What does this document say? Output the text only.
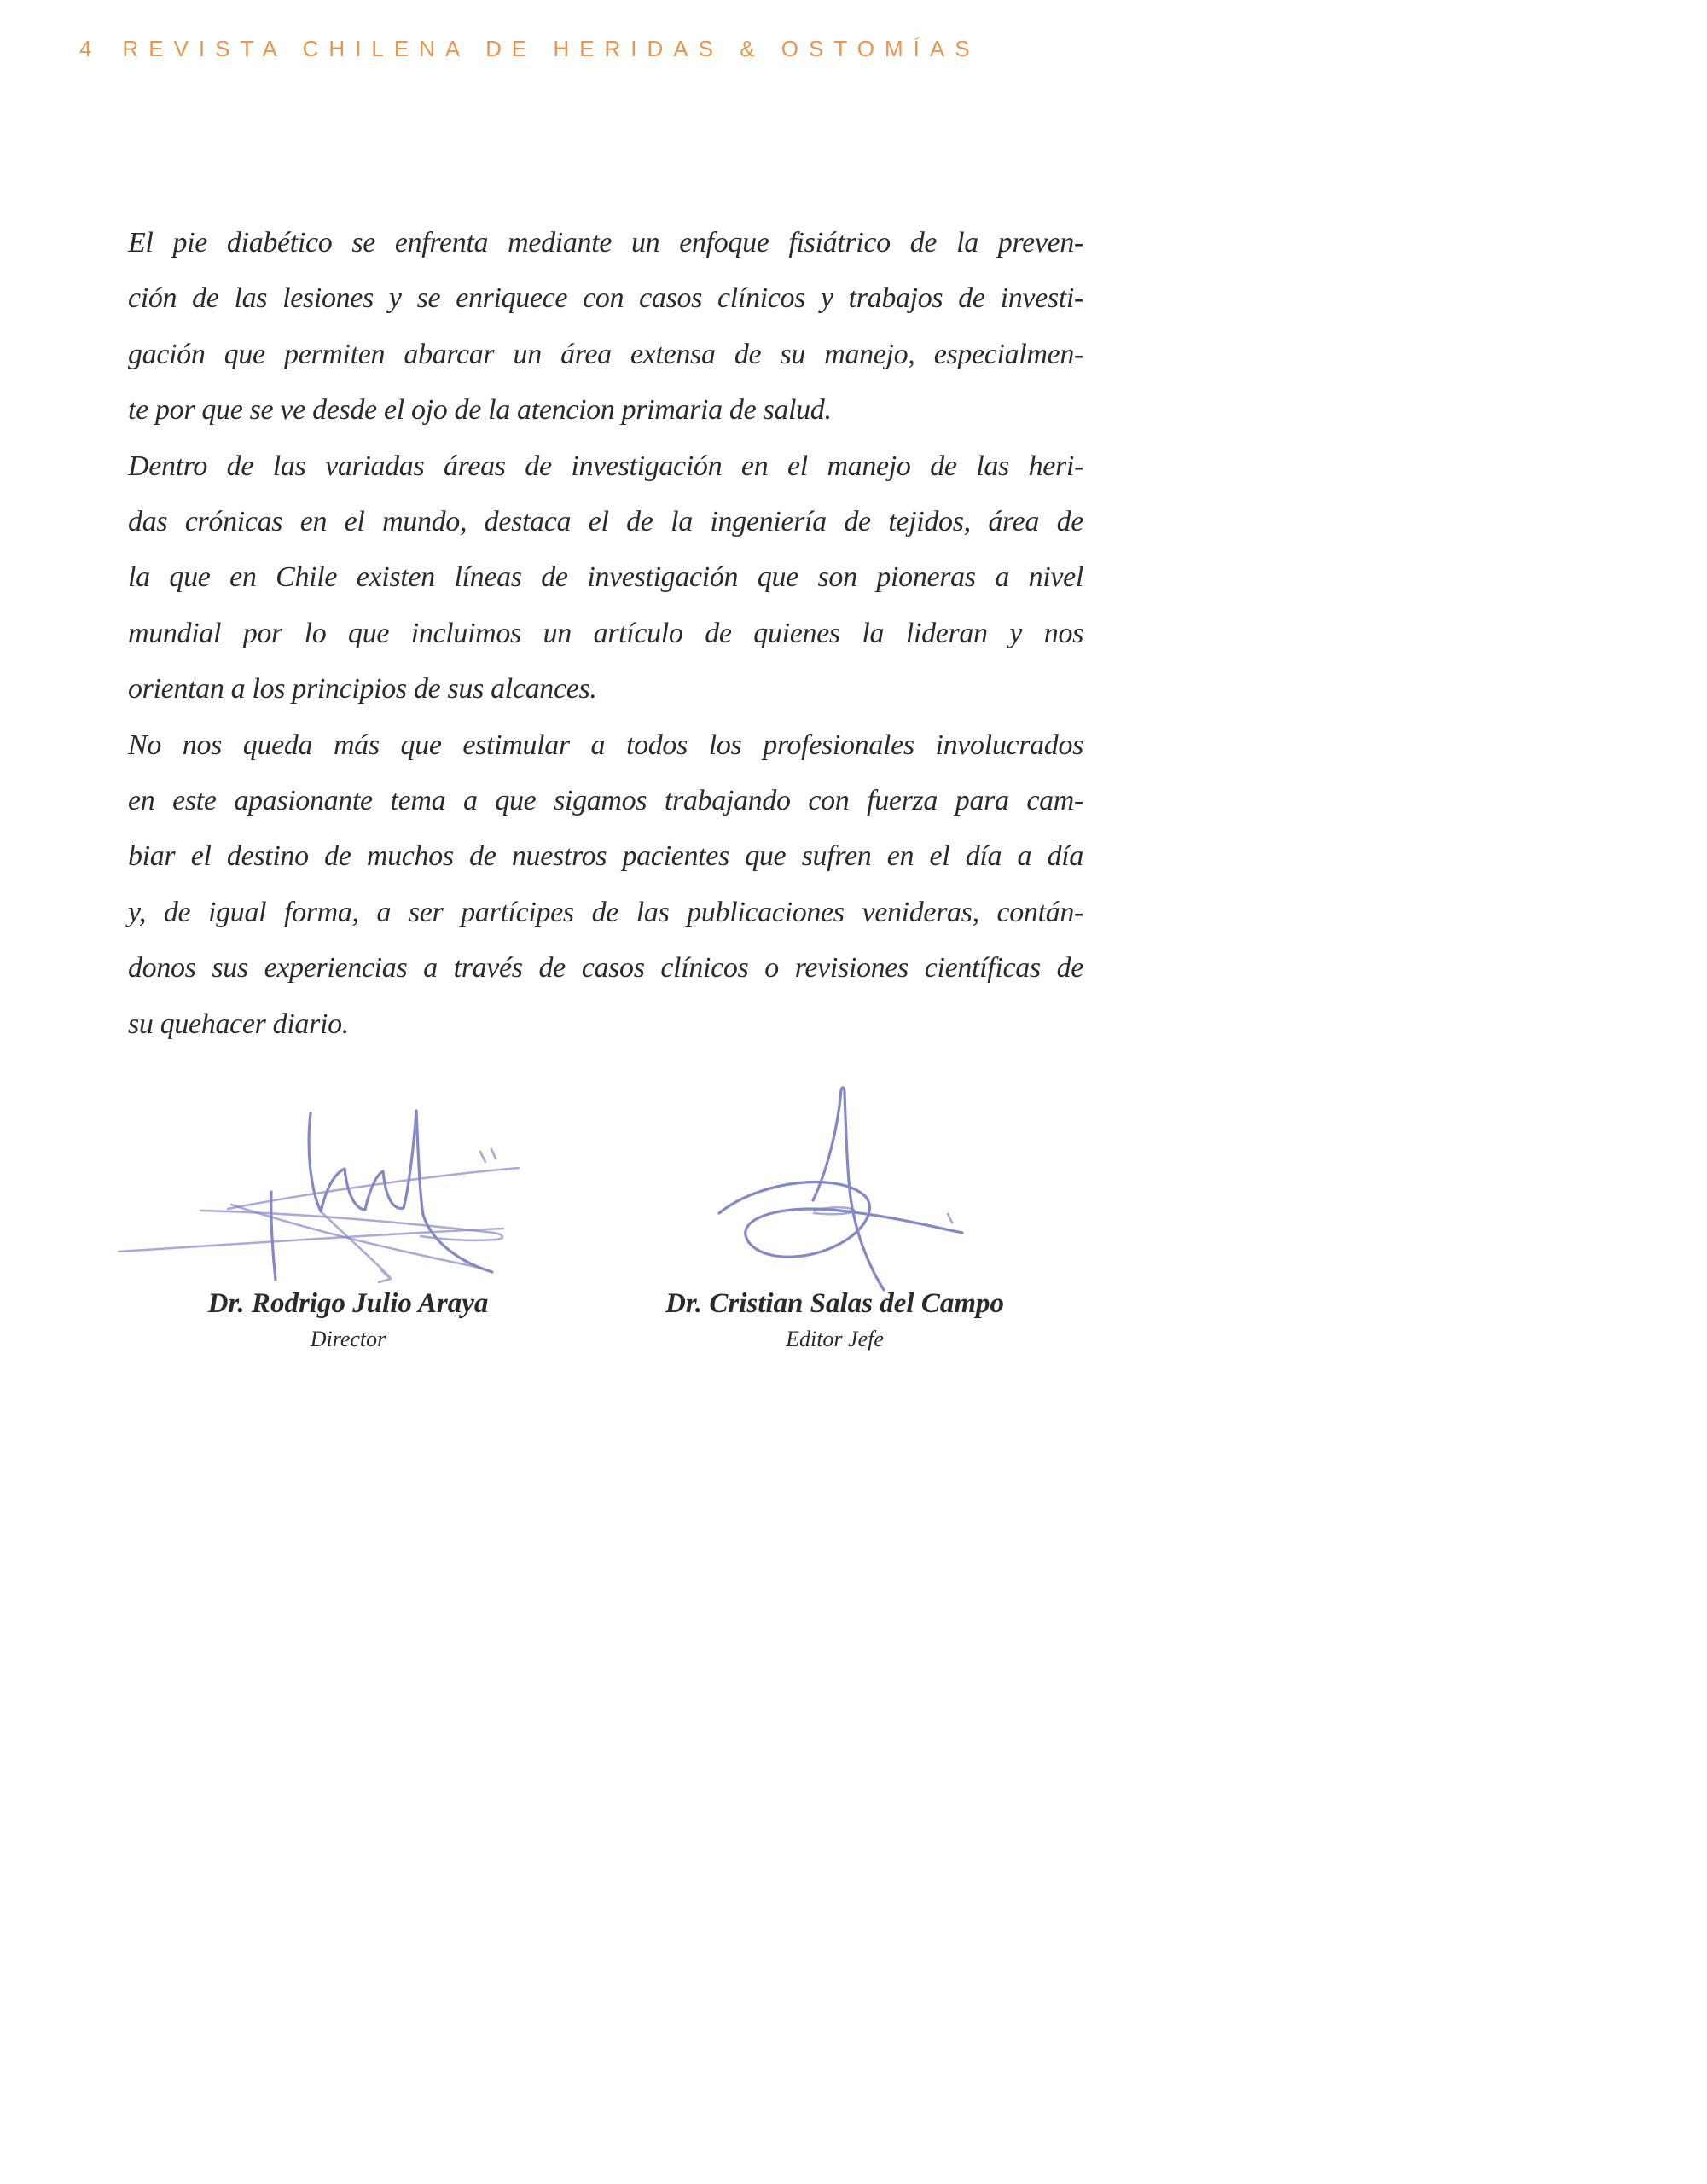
4 REVISTA CHILENA DE HERIDAS & OSTOMÍAS
El pie diabético se enfrenta mediante un enfoque fisiátrico de la preven-
ción de las lesiones y se enriquece con casos clínicos y trabajos de investi-
gación que permiten abarcar un área extensa de su manejo, especialmen-
te por que se ve desde el ojo de la atencion primaria de salud.
Dentro de las variadas áreas de investigación en el manejo de las heri-
das crónicas en el mundo, destaca el de la ingeniería de tejidos, área de
la que en Chile existen líneas de investigación que son pioneras a nivel
mundial por lo que incluimos un artículo de quienes la lideran y nos
orientan a los principios de sus alcances.
No nos queda más que estimular a todos los profesionales involucrados
en este apasionante tema a que sigamos trabajando con fuerza para cam-
biar el destino de muchos de nuestros pacientes que sufren en el día a día
y, de igual forma, a ser partícipes de las publicaciones venideras, contán-
donos sus experiencias a través de casos clínicos o revisiones científicas de
su quehacer diario.
Dr. Rodrigo Julio Araya
Director
Dr. Cristian Salas del Campo
Editor Jefe
